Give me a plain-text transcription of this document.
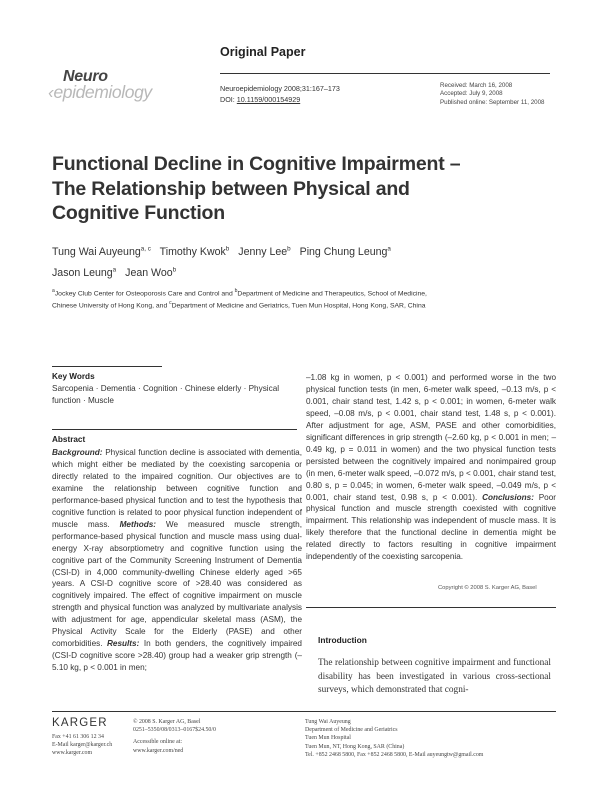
Original Paper
Neuro
‹epidemiology	Neuroepidemiology 2008;31:167–173
DOI: 10.1159/000154929
Received: March 16, 2008
Accepted: July 9, 2008
Published online: September 11, 2008
Functional Decline in Cognitive Impairment – The Relationship between Physical and Cognitive Function
Tung Wai Auyeung$^{a, c}$ Timothy Kwok$^b$ Jenny Lee$^b$ Ping Chung Leung$^a$
Jason Leung$^a$ Jean Woo$^b$
$^a$Jockey Club Center for Osteoporosis Care and Control and $^b$Department of Medicine and Therapeutics, School of Medicine, Chinese University of Hong Kong, and $^c$Department of Medicine and Geriatrics, Tuen Mun Hospital, Hong Kong, SAR, China
Key Words
Sarcopenia · Dementia · Cognition · Chinese elderly · Physical function · Muscle
Abstract
Background: Physical function decline is associated with dementia, which might either be mediated by the coexisting sarcopenia or directly related to the impaired cognition. Our objectives are to examine the relationship between cognitive function and performance-based physical function and to test the hypothesis that cognitive function is related to poor physical function independent of muscle mass. Methods: We measured muscle strength, performance-based physical function and muscle mass using dual-energy X-ray absorptiometry and cognitive function using the cognitive part of the Community Screening Instrument of Dementia (CSI-D) in 4,000 community-dwelling Chinese elderly aged >65 years. A CSI-D cognitive score of >28.40 was considered as cognitively impaired. The effect of cognitive impairment on muscle strength and physical function was analyzed by multivariate analysis with adjustment for age, appendicular skeletal mass (ASM), the Physical Activity Scale for the Elderly (PASE) and other comorbidities. Results: In both genders, the cognitively impaired (CSI-D cognitive score >28.40) group had a weaker grip strength (–5.10 kg, p < 0.001 in men;
–1.08 kg in women, p < 0.001) and performed worse in the two physical function tests (in men, 6-meter walk speed, –0.13 m/s, p < 0.001, chair stand test, 1.42 s, p < 0.001; in women, 6-meter walk speed, –0.08 m/s, p < 0.001, chair stand test, 1.48 s, p < 0.001). After adjustment for age, ASM, PASE and other comorbidities, significant differences in grip strength (–2.60 kg, p < 0.001 in men; –0.49 kg, p = 0.011 in women) and the two physical function tests persisted between the cognitively impaired and nonimpaired group (in men, 6-meter walk speed, –0.072 m/s, p < 0.001, chair stand test, 0.80 s, p = 0.045; in women, 6-meter walk speed, –0.049 m/s, p < 0.001, chair stand test, 0.98 s, p < 0.001). Conclusions: Poor physical function and muscle strength coexisted with cognitive impairment. This relationship was independent of muscle mass. It is likely therefore that the functional decline in dementia might be related directly to factors resulting in cognitive impairment independently of the coexisting sarcopenia.
Copyright © 2008 S. Karger AG, Basel
Introduction
The relationship between cognitive impairment and functional disability has been investigated in various cross-sectional surveys, which demonstrated that cogni-
KARGER
Fax +41 61 306 12 34
E-Mail karger@karger.ch
www.karger.com
© 2008 S. Karger AG, Basel
0251–5350/08/0313–0167$24.50/0
Accessible online at:
www.karger.com/ned
Tung Wai Auyeung
Department of Medicine and Geriatrics
Tuen Mun Hospital
Tuen Mun, NT, Hong Kong, SAR (China)
Tel. +852 2468 5800, Fax +852 2468 5800, E-Mail auyeungtw@gmail.com
